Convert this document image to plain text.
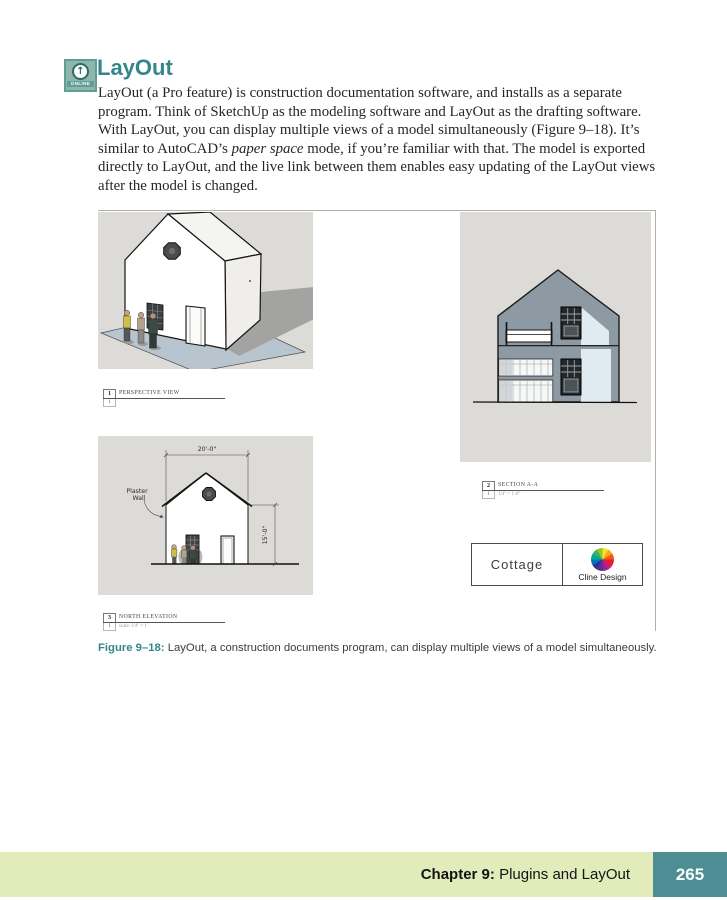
↑
ONLINE
LayOut

LayOut (a Pro feature) is construction documentation software, and installs as a separate program. Think of SketchUp as the modeling software and LayOut as the drafting software. With LayOut, you can display multiple views of a model simultaneously (Figure 9–18). It’s similar to AutoCAD’s paper space mode, if you’re familiar with that. The model is exported directly to LayOut, and the live link between them enables easy updating of the LayOut views after the model is changed.

20'-0"
15'-0"
Plaster
Wall
1	PERSPECTIVE VIEW
1
2	SECTION A-A
1	1/4" = 1'-0"
3	NORTH ELEVATION
1	scale: 1/4" = 1'
Cottage
Cline Design

Figure 9–18: LayOut, a construction documents program, can display multiple views of a model simultaneously.

Chapter 9: Plugins and LayOut	265
